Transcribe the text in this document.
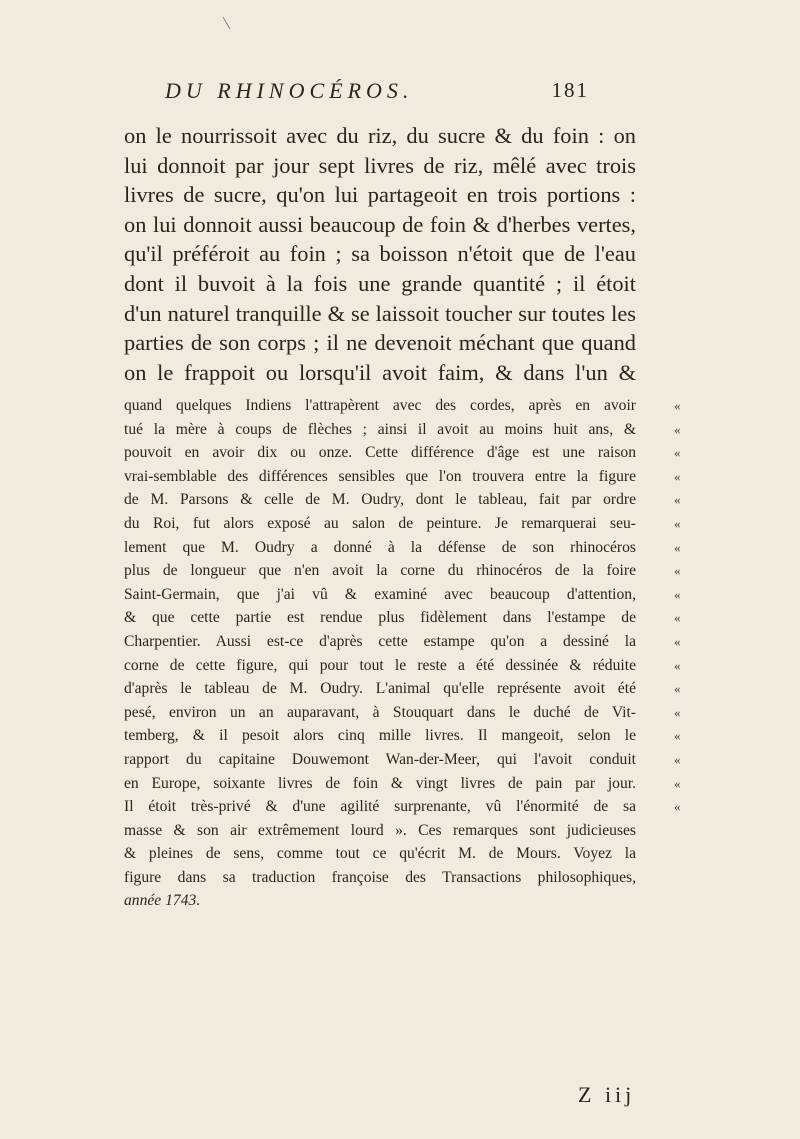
DU RHINOCÉROS.	181
on le nourrissoit avec du riz, du sucre & du foin : on
lui donnoit par jour sept livres de riz, mêlé avec trois
livres de sucre, qu'on lui partageoit en trois portions :
on lui donnoit aussi beaucoup de foin & d'herbes vertes,
qu'il préféroit au foin ; sa boisson n'étoit que de l'eau
dont il buvoit à la fois une grande quantité ; il étoit
d'un naturel tranquille & se laissoit toucher sur toutes les
parties de son corps ; il ne devenoit méchant que quand
on le frappoit ou lorsqu'il avoit faim, & dans l'un &
quand quelques Indiens l'attrapèrent avec des cordes, après en avoir
tué la mère à coups de flèches ; ainsi il avoit au moins huit ans, &
pouvoit en avoir dix ou onze. Cette différence d'âge est une raison
vrai-semblable des différences sensibles que l'on trouvera entre la figure
de M. Parsons & celle de M. Oudry, dont le tableau, fait par ordre
du Roi, fut alors exposé au salon de peinture. Je remarquerai seu-
lement que M. Oudry a donné à la défense de son rhinocéros
plus de longueur que n'en avoit la corne du rhinocéros de la foire
Saint-Germain, que j'ai vû & examiné avec beaucoup d'attention,
& que cette partie est rendue plus fidèlement dans l'estampe de
Charpentier. Aussi est-ce d'après cette estampe qu'on a dessiné la
corne de cette figure, qui pour tout le reste a été dessinée & réduite
d'après le tableau de M. Oudry. L'animal qu'elle représente avoit été
pesé, environ un an auparavant, à Stouquart dans le duché de Vit-
temberg, & il pesoit alors cinq mille livres. Il mangeoit, selon le
rapport du capitaine Douwemont Wan-der-Meer, qui l'avoit conduit
en Europe, soixante livres de foin & vingt livres de pain par jour.
Il étoit très-privé & d'une agilité surprenante, vû l'énormité de sa
masse & son air extrêmement lourd ». Ces remarques sont judicieuses
& pleines de sens, comme tout ce qu'écrit M. de Mours. Voyez la
figure dans sa traduction françoise des Transactions philosophiques,
année 1743.
«
«
«
«
«
«
«
«
«
«
«
«
«
«
«
«
«
«
Z iij
